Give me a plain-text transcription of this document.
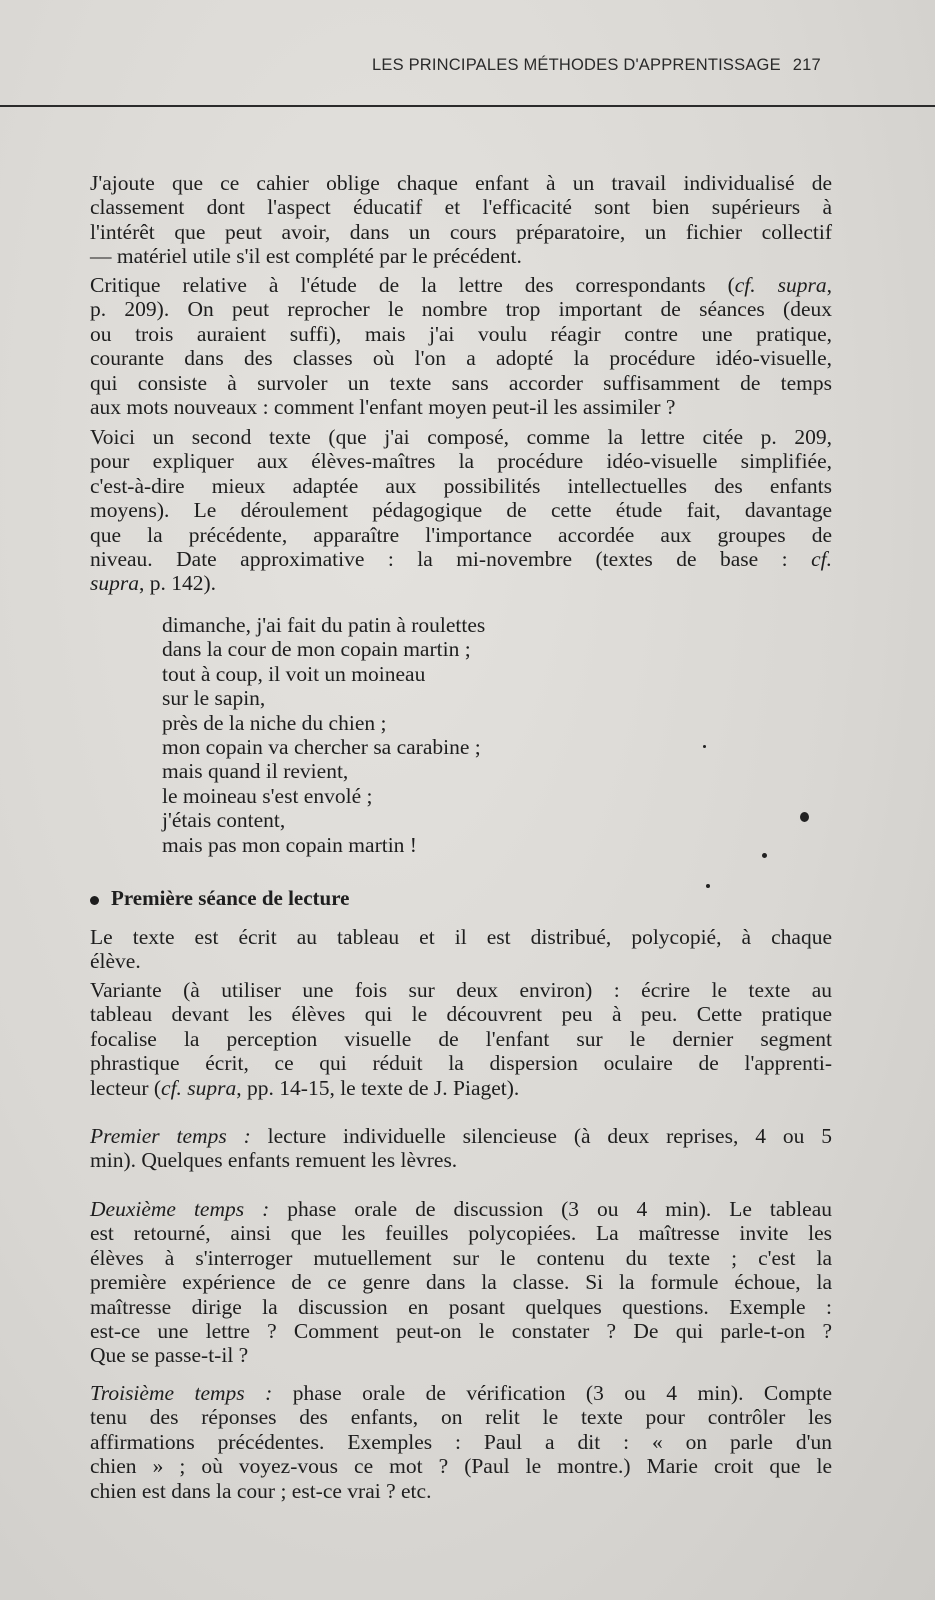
LES PRINCIPALES MÉTHODES D'APPRENTISSAGE 217
J'ajoute que ce cahier oblige chaque enfant à un travail individualisé de
classement dont l'aspect éducatif et l'efficacité sont bien supérieurs à
l'intérêt que peut avoir, dans un cours préparatoire, un fichier collectif
— matériel utile s'il est complété par le précédent.
Critique relative à l'étude de la lettre des correspondants (cf. supra,
p. 209). On peut reprocher le nombre trop important de séances (deux
ou trois auraient suffi), mais j'ai voulu réagir contre une pratique,
courante dans des classes où l'on a adopté la procédure idéo-visuelle,
qui consiste à survoler un texte sans accorder suffisamment de temps
aux mots nouveaux : comment l'enfant moyen peut-il les assimiler ?
Voici un second texte (que j'ai composé, comme la lettre citée p. 209,
pour expliquer aux élèves-maîtres la procédure idéo-visuelle simplifiée,
c'est-à-dire mieux adaptée aux possibilités intellectuelles des enfants
moyens). Le déroulement pédagogique de cette étude fait, davantage
que la précédente, apparaître l'importance accordée aux groupes de
niveau. Date approximative : la mi-novembre (textes de base : cf.
supra, p. 142).
dimanche, j'ai fait du patin à roulettes
dans la cour de mon copain martin ;
tout à coup, il voit un moineau
sur le sapin,
près de la niche du chien ;
mon copain va chercher sa carabine ;
mais quand il revient,
le moineau s'est envolé ;
j'étais content,
mais pas mon copain martin !
Le texte est écrit au tableau et il est distribué, polycopié, à chaque
élève.
Variante (à utiliser une fois sur deux environ) : écrire le texte au
tableau devant les élèves qui le découvrent peu à peu. Cette pratique
focalise la perception visuelle de l'enfant sur le dernier segment
phrastique écrit, ce qui réduit la dispersion oculaire de l'apprenti-
lecteur (cf. supra, pp. 14-15, le texte de J. Piaget).
Premier temps : lecture individuelle silencieuse (à deux reprises, 4 ou 5
min). Quelques enfants remuent les lèvres.
Deuxième temps : phase orale de discussion (3 ou 4 min). Le tableau
est retourné, ainsi que les feuilles polycopiées. La maîtresse invite les
élèves à s'interroger mutuellement sur le contenu du texte ; c'est la
première expérience de ce genre dans la classe. Si la formule échoue, la
maîtresse dirige la discussion en posant quelques questions. Exemple :
est-ce une lettre ? Comment peut-on le constater ? De qui parle-t-on ?
Que se passe-t-il ?
Troisième temps : phase orale de vérification (3 ou 4 min). Compte
tenu des réponses des enfants, on relit le texte pour contrôler les
affirmations précédentes. Exemples : Paul a dit : « on parle d'un
chien » ; où voyez-vous ce mot ? (Paul le montre.) Marie croit que le
chien est dans la cour ; est-ce vrai ? etc.
Première séance de lecture
